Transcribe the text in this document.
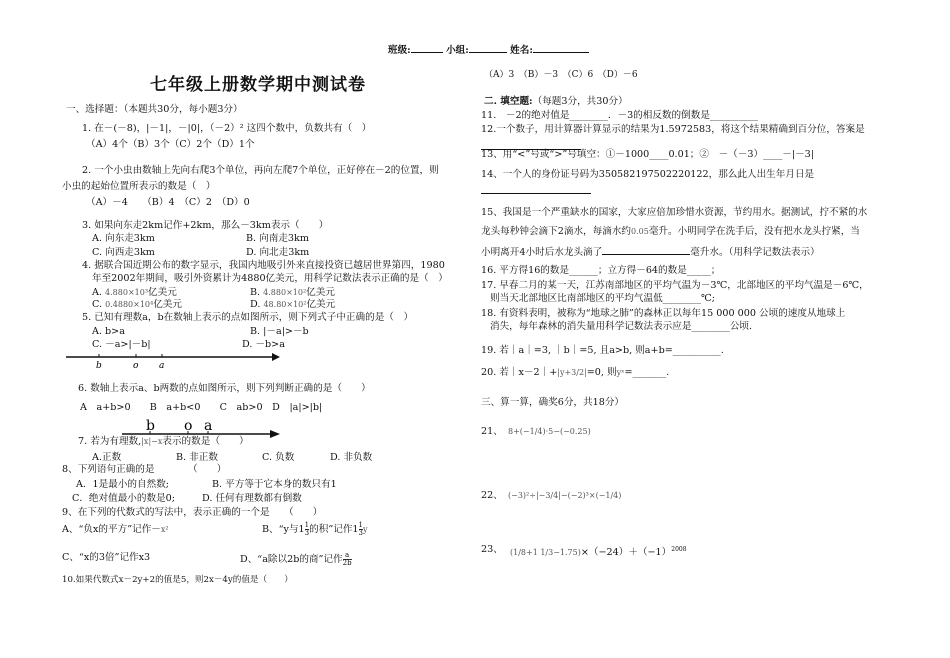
班级:	小组:	姓名:
七年级上册数学期中测试卷
一、选择题：（本题共30分，每小题3分）
1. 在－(－8)，|－1|，－|0|，（－2）² 这四个数中，负数共有（　）
（A）4个（B）3个（C）2个（D）1个
2. 一个小虫由数轴上先向右爬3个单位，再向左爬7个单位，正好停在－2的位置，则
小虫的起始位置所表示的数是（　）
（A）－4　　（B）4　（C）2　（D）0
3. 如果向东走2km记作+2km，那么－3km表示（　　）
A. 向东走3km	B. 向南走3km
C. 向西走3km	D. 向北走3km
4. 据联合国近期公布的数字显示，我国内地吸引外来直接投资已越居世界第四，1980
年至2002年期间，吸引外资累计为4880亿美元，用科学记数法表示正确的是（　）
A. 4.880×10³亿美元	B. 4.880×10²亿美元
C. 0.4880×10⁴亿美元	D. 48.80×10²亿美元
5. 已知有理数a，b在数轴上表示的点如图所示，则下列式子中正确的是（　）
A. b>a	B. |－a|>－b
C. －a>|－b|	D. －b>a
b	o a
6. 数轴上表示a、b两数的点如图所示，则下列判断正确的是（　　）
A　a+b>0　　B　a+b<0　　C　ab>0　D　|a|>|b|
b o a
7. 若为有理数,|x|−x表示的数是（　　）
A.正数	B. 非正数	C. 负数	D. 非负数
8、下列语句正确的是　　　　（　　）
A．1是最小的自然数;	B. 平方等于它本身的数只有1
C．绝对值最小的数是0;	D. 任何有理数都有倒数
9、在下列的代数式的写法中，表示正确的一个是　　（　　）
A、“负x的平方”记作－x²	B、“y与$1 \frac{1}{3}$ 的积”记作$1 \frac{1}{3}$ y
C、“x的3倍”记作x3	D、“a除以2b的商”记作 $\frac{a}{2b}$
10.如果代数式x－2y+2的值是5，则2x－4y的值是（　　）
（A）3　（B）－3　（C）6　（D）－6
二. 填空题:（每题3分，共30分）
11.　－2的绝对值是________．－3的相反数的倒数是__________
12.一个数子，用计算器计算显示的结果为1.5972583，将这个结果精确到百分位，答案是
13、用“<”号或“>”号填空：①－1000____0.01；②　－（－3）____－|－3|
14、一个人的身份证号码为350582197502220122，那么此人出生年月日是
15、我国是一个严重缺水的国家，大家应倍加珍惜水资源，节约用水。据测试，拧不紧的水
龙头每秒钟会滴下2滴水，每滴水约0.05毫升。小明同学在洗手后，没有把水龙头拧紧，当
小明离开4小时后水龙头滴了	毫升水。（用科学记数法表示）
16. 平方得16的数是______；立方得－64的数是_____；
17. 早春二月的某一天，江苏南部地区的平均气温为－3℃，北部地区的平均气温是－6℃，
则当天北部地区比南部地区的平均气温低________℃;
18. 有资料表明，被称为“地球之肺”的森林正以每年15 000 000 公顷的速度从地球上
消失，每年森林的消失量用科学记数法表示应是________公顷.
19. 若｜a｜=3, ｜b｜=5, 且a>b, 则a+b=__________.
20. 若｜x－2｜+|y+3/2|=0, 则yˣ=_______.
三、算一算，确奖6分，共18分）
21、 8+(−1/4)·5−(−0.25)
22、 (−3)²÷|−3/4|−(−2)³×(−1/4)
23、 (1/8+1 $1/3-1.75)\times(-24)+(-1)^{2008}$
